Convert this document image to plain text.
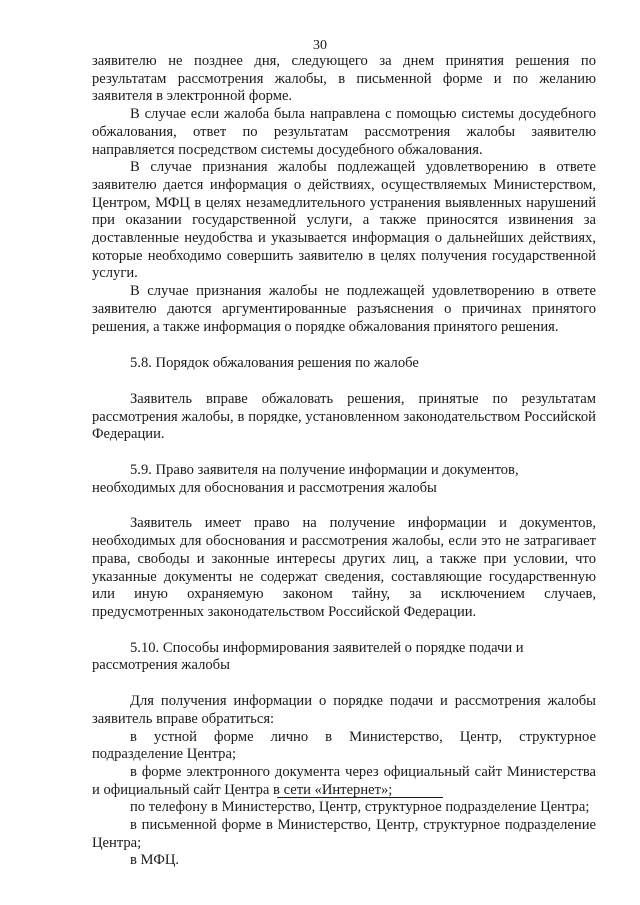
30

заявителю не позднее дня, следующего за днем принятия решения по результатам рассмотрения жалобы, в письменной форме и по желанию заявителя в электронной форме.

В случае если жалоба была направлена с помощью системы досудебного обжалования, ответ по результатам рассмотрения жалобы заявителю направляется посредством системы досудебного обжалования.

В случае признания жалобы подлежащей удовлетворению в ответе заявителю дается информация о действиях, осуществляемых Министерством, Центром, МФЦ в целях незамедлительного устранения выявленных нарушений при оказании государственной услуги, а также приносятся извинения за доставленные неудобства и указывается информация о дальнейших действиях, которые необходимо совершить заявителю в целях получения государственной услуги.

В случае признания жалобы не подлежащей удовлетворению в ответе заявителю даются аргументированные разъяснения о причинах принятого решения, а также информация о порядке обжалования принятого решения.

5.8. Порядок обжалования решения по жалобе

Заявитель вправе обжаловать решения, принятые по результатам рассмотрения жалобы, в порядке, установленном законодательством Российской Федерации.

5.9. Право заявителя на получение информации и документов, необходимых для обоснования и рассмотрения жалобы

Заявитель имеет право на получение информации и документов, необходимых для обоснования и рассмотрения жалобы, если это не затрагивает права, свободы и законные интересы других лиц, а также при условии, что указанные документы не содержат сведения, составляющие государственную или иную охраняемую законом тайну, за исключением случаев, предусмотренных законодательством Российской Федерации.

5.10. Способы информирования заявителей о порядке подачи и рассмотрения жалобы

Для получения информации о порядке подачи и рассмотрения жалобы заявитель вправе обратиться:

в устной форме лично в Министерство, Центр, структурное подразделение Центра;

в форме электронного документа через официальный сайт Министерства и официальный сайт Центра в сети «Интернет»;

по телефону в Министерство, Центр, структурное подразделение Центра;

в письменной форме в Министерство, Центр, структурное подразделение Центра;

в МФЦ.
